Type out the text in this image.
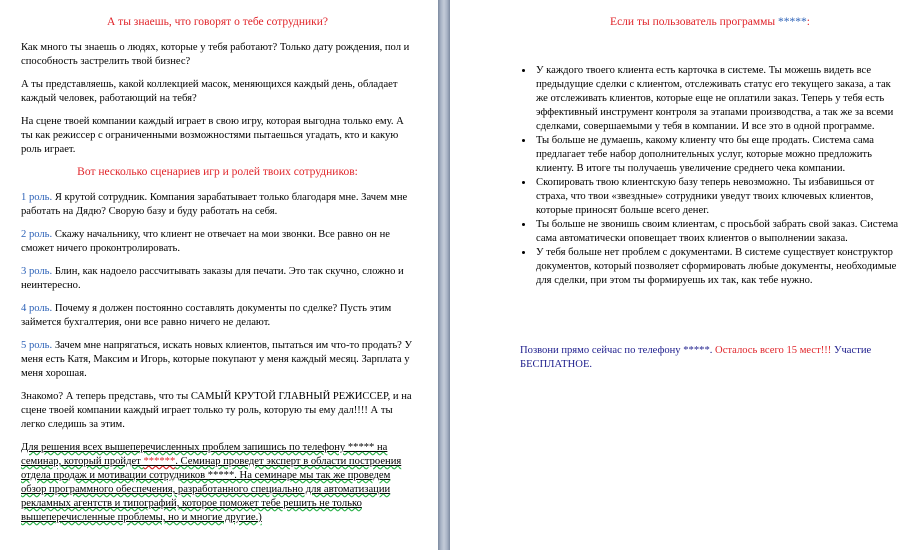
А ты знаешь, что говорят о тебе сотрудники?

Как много ты знаешь о людях, которые у тебя работают? Только дату рождения, пол и способность застрелить твой бизнес?

А ты представляешь, какой коллекцией масок, меняющихся каждый день, обладает каждый человек, работающий на тебя?

На сцене твоей компании каждый играет в свою игру, которая выгодна только ему. А ты как режиссер с ограниченными возможностями пытаешься угадать, кто и какую роль играет.

Вот несколько сценариев игр и ролей твоих сотрудников:

1 роль. Я крутой сотрудник. Компания зарабатывает только благодаря мне. Зачем мне работать на Дядю? Сворую базу и буду работать на себя.

2 роль. Скажу начальнику, что клиент не отвечает на мои звонки. Все равно он не сможет ничего проконтролировать.

3 роль. Блин, как надоело рассчитывать заказы для печати. Это так скучно, сложно и неинтересно.

4 роль. Почему я должен постоянно составлять документы по сделке? Пусть этим займется бухгалтерия, они все равно ничего не делают.

5 роль. Зачем мне напрягаться, искать новых клиентов, пытаться им что-то продать? У меня есть Катя, Максим и Игорь, которые покупают у меня каждый месяц. Зарплата у меня хорошая.

Знакомо? А теперь представь, что ты САМЫЙ КРУТОЙ ГЛАВНЫЙ РЕЖИССЕР, и на сцене твоей компании каждый играет только ту роль, которую ты ему дал!!!! А ты легко следишь за этим.

Для решения всех вышеперечисленных проблем запишись по телефону ***** на семинар, который пройдет ******. Семинар проведет эксперт в области построения отдела продаж и мотивации сотрудников *****. На семинаре мы так же проведем обзор программного обеспечения, разработанного специально для автоматизации рекламных агентств и типографий, которое поможет тебе решить не только вышеперечисленные проблемы, но и многие другие.)

Если ты пользователь программы *****:
• У каждого твоего клиента есть карточка в системе. Ты можешь видеть все предыдущие сделки с клиентом, отслеживать статус его текущего заказа, а так же отслеживать клиентов, которые еще не оплатили заказ. Теперь у тебя есть эффективный инструмент контроля за этапами производства, а так же за всеми сделками, совершаемыми у тебя в компании. И все это в одной программе.
• Ты больше не думаешь, какому клиенту что бы еще продать. Система сама предлагает тебе набор дополнительных услуг, которые можно предложить клиенту. В итоге ты получаешь увеличение среднего чека компании.
• Скопировать твою клиентскую базу теперь невозможно. Ты избавишься от страха, что твои «звездные» сотрудники уведут твоих ключевых клиентов, которые приносят больше всего денег.
• Ты больше не звонишь своим клиентам, с просьбой забрать свой заказ. Система сама автоматически оповещает твоих клиентов о выполнении заказа.
• У тебя больше нет проблем с документами. В системе существует конструктор документов, который позволяет сформировать любые документы, необходимые для сделки, при этом ты формируешь их так, как тебе нужно.

Позвони прямо сейчас по телефону *****. Осталось всего 15 мест!!! Участие БЕСПЛАТНОЕ.
